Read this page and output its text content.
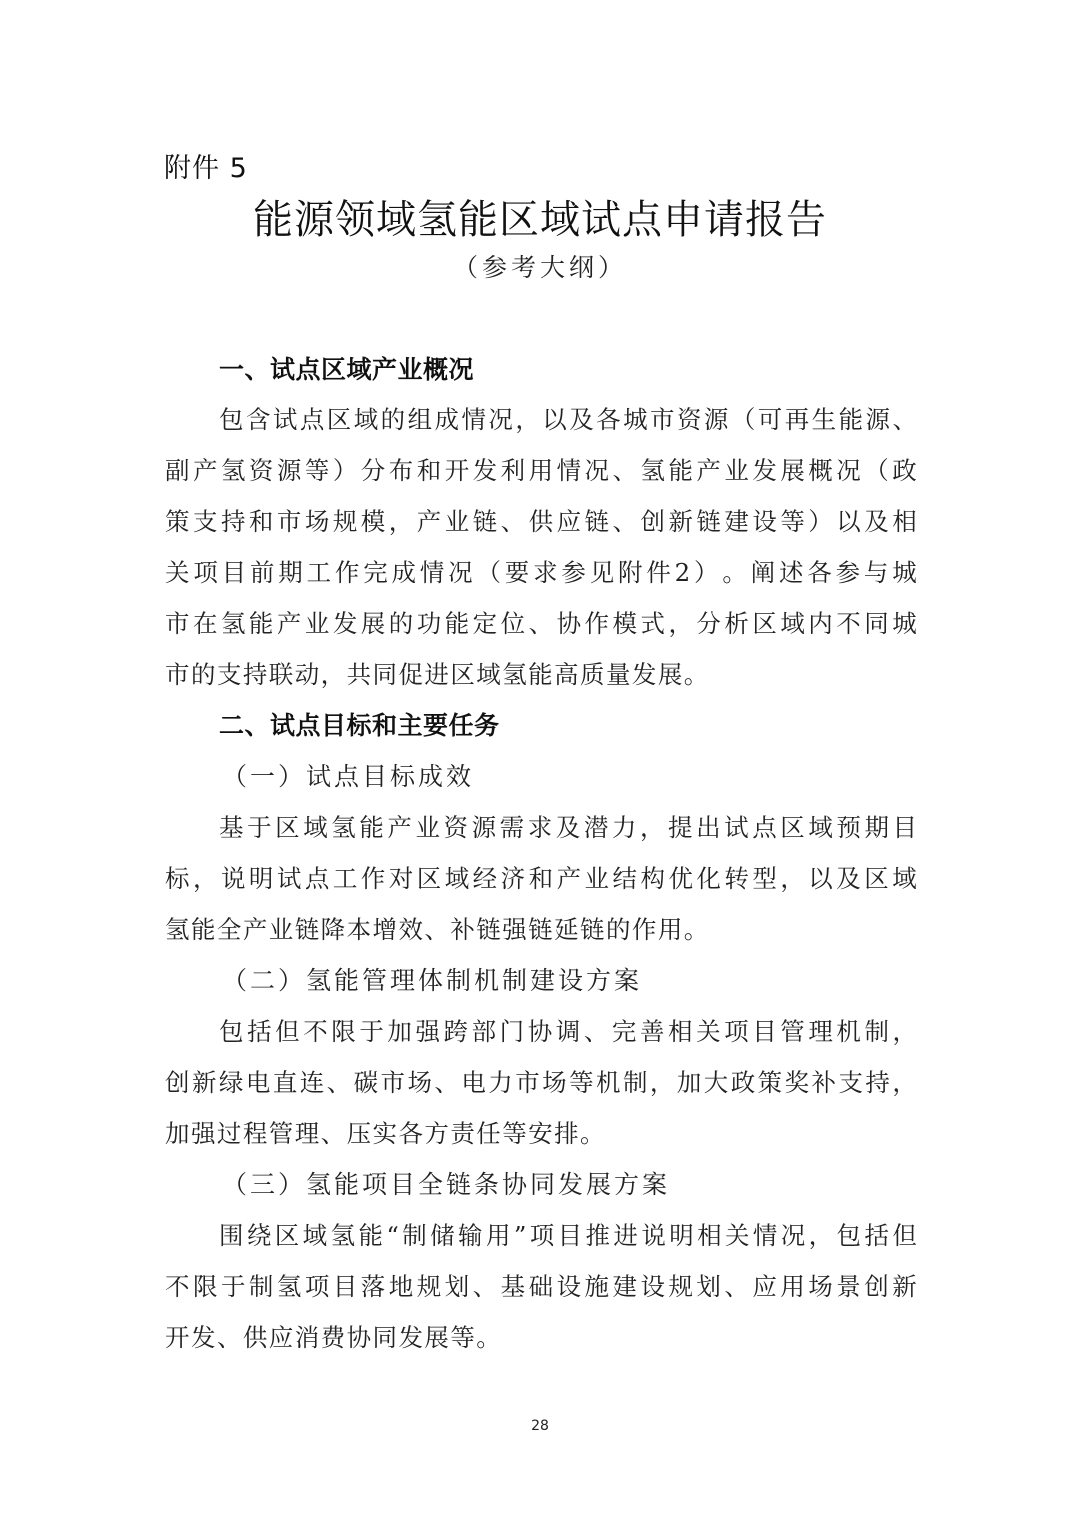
附件 5
能源领域氢能区域试点申请报告
（参考大纲）
一、试点区域产业概况
包 含 试 点 区 域 的 组 成 情 况 ， 以 及 各 城 市 资 源 （ 可 再 生 能 源 、
副 产 氢 资 源 等 ） 分 布 和 开 发 利 用 情 况 、 氢 能 产 业 发 展 概 况 （ 政
策 支 持 和 市 场 规 模 ， 产 业 链 、 供 应 链 、 创 新 链 建 设 等 ） 以 及 相
关 项 目 前 期 工 作 完 成 情 况 （ 要 求 参 见 附 件 2 ） 。 阐 述 各 参 与 城
市 在 氢 能 产 业 发 展 的 功 能 定 位 、 协 作 模 式 ， 分 析 区 域 内 不 同 城
市 的 支 持 联 动 ， 共 同 促 进 区 域 氢 能 高 质 量 发 展 。
二、试点目标和主要任务
（一）试点目标成效
基 于 区 域 氢 能 产 业 资 源 需 求 及 潜 力 ， 提 出 试 点 区 域 预 期 目
标 ， 说 明 试 点 工 作 对 区 域 经 济 和 产 业 结 构 优 化 转 型 ， 以 及 区 域
氢 能 全 产 业 链 降 本 增 效 、 补 链 强 链 延 链 的 作 用 。
（二）氢能管理体制机制建设方案
包 括 但 不 限 于 加 强 跨 部 门 协 调 、 完 善 相 关 项 目 管 理 机 制 ，
创 新 绿 电 直 连 、 碳 市 场 、 电 力 市 场 等 机 制 ， 加 大 政 策 奖 补 支 持 ，
加 强 过 程 管 理 、 压 实 各 方 责 任 等 安 排 。
（三）氢能项目全链条协同发展方案
围 绕 区 域 氢 能 “ 制 储 输 用 ” 项 目 推 进 说 明 相 关 情 况 ， 包 括 但
不 限 于 制 氢 项 目 落 地 规 划 、 基 础 设 施 建 设 规 划 、 应 用 场 景 创 新
开 发 、 供 应 消 费 协 同 发 展 等 。
28
